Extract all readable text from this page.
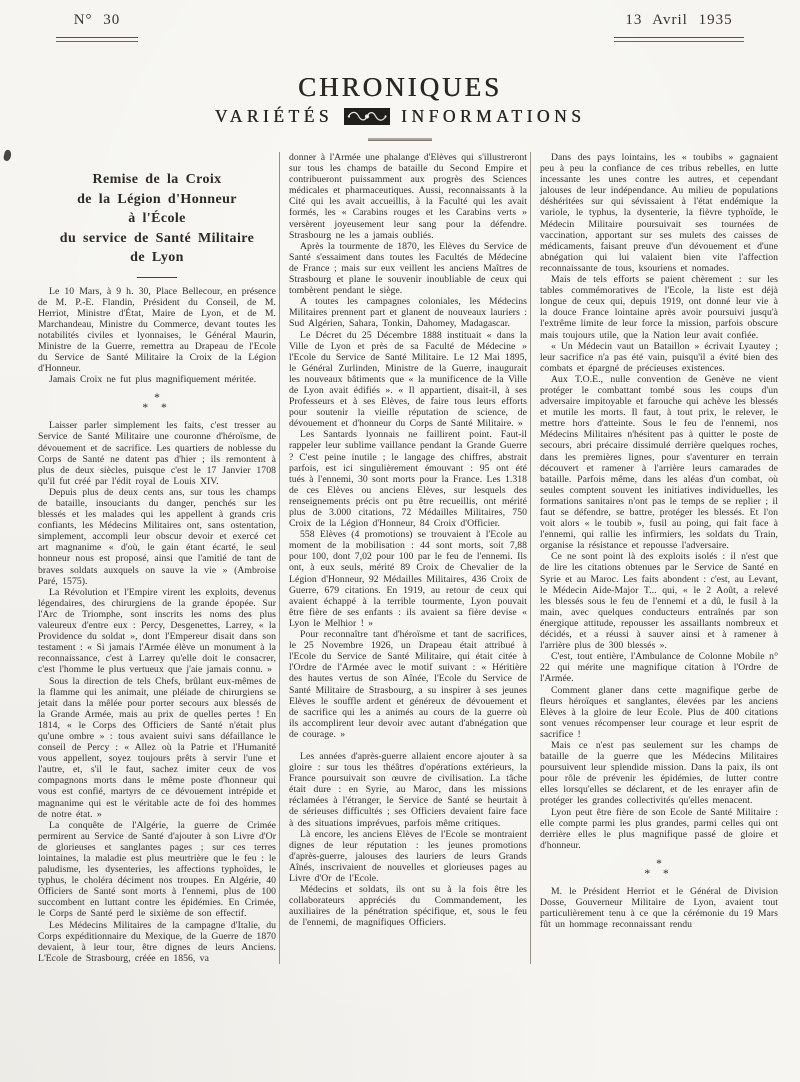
N° 30	13 Avril 1935
CHRONIQUES
VARIÉTÉS	INFORMATIONS
Remise de la Croix
de la Légion d'Honneur
à l'École
du service de Santé Militaire
de Lyon

Le 10 Mars, à 9 h. 30, Place Bellecour, en présence de M. P.-E. Flandin, Président du Conseil, de M. Herriot, Ministre d'État, Maire de Lyon, et de M. Marchandeau, Ministre du Commerce, devant toutes les notabilités civiles et lyonnaises, le Général Maurin, Ministre de la Guerre, remettra au Drapeau de l'Ecole du Service de Santé Militaire la Croix de la Légion d'Honneur.

Jamais Croix ne fut plus magnifiquement méritée.

*
* *

Laisser parler simplement les faits, c'est tresser au Service de Santé Militaire une couronne d'héroïsme, de dévouement et de sacrifice. Les quartiers de noblesse du Corps de Santé ne datent pas d'hier ; ils remontent à plus de deux siècles, puisque c'est le 17 Janvier 1708 qu'il fut créé par l'édit royal de Louis XIV.

Depuis plus de deux cents ans, sur tous les champs de bataille, insouciants du danger, penchés sur les blessés et les malades qui les appellent à grands cris confiants, les Médecins Militaires ont, sans ostentation, simplement, accompli leur obscur devoir et exercé cet art magnanime « d'où, le gain étant écarté, le seul honneur nous est proposé, ainsi que l'amitié de tant de braves soldats auxquels on sauve la vie » (Ambroise Paré, 1575).

La Révolution et l'Empire virent les exploits, devenus légendaires, des chirurgiens de la grande épopée. Sur l'Arc de Triomphe, sont inscrits les noms des plus valeureux d'entre eux : Percy, Desgenettes, Larrey, « la Providence du soldat », dont l'Empereur disait dans son testament : « Si jamais l'Armée élève un monument à la reconnaissance, c'est à Larrey qu'elle doit le consacrer, c'est l'homme le plus vertueux que j'aie jamais connu. »

Sous la direction de tels Chefs, brûlant eux-mêmes de la flamme qui les animait, une pléiade de chirurgiens se jetait dans la mêlée pour porter secours aux blessés de la Grande Armée, mais au prix de quelles pertes ! En 1814, « le Corps des Officiers de Santé n'était plus qu'une ombre » : tous avaient suivi sans défaillance le conseil de Percy : « Allez où la Patrie et l'Humanité vous appellent, soyez toujours prêts à servir l'une et l'autre, et, s'il le faut, sachez imiter ceux de vos compagnons morts dans le même poste d'honneur qui vous est confié, martyrs de ce dévouement intrépide et magnanime qui est le véritable acte de foi des hommes de notre état. »

La conquête de l'Algérie, la guerre de Crimée permirent au Service de Santé d'ajouter à son Livre d'Or de glorieuses et sanglantes pages ; sur ces terres lointaines, la maladie est plus meurtrière que le feu : le paludisme, les dysenteries, les affections typhoïdes, le typhus, le choléra déciment nos troupes. En Algérie, 40 Officiers de Santé sont morts à l'ennemi, plus de 100 succombent en luttant contre les épidémies. En Crimée, le Corps de Santé perd le sixième de son effectif.

Les Médecins Militaires de la campagne d'Italie, du Corps expéditionnaire du Mexique, de la Guerre de 1870 devaient, à leur tour, être dignes de leurs Anciens. L'Ecole de Strasbourg, créée en 1856, va

donner à l'Armée une phalange d'Elèves qui s'illustreront sur tous les champs de bataille du Second Empire et contribueront puissamment aux progrès des Sciences médicales et pharmaceutiques. Aussi, reconnaissants à la Cité qui les avait accueillis, à la Faculté qui les avait formés, les « Carabins rouges et les Carabins verts » versèrent joyeusement leur sang pour la défendre. Strasbourg ne les a jamais oubliés.

Après la tourmente de 1870, les Elèves du Service de Santé s'essaiment dans toutes les Facultés de Médecine de France ; mais sur eux veillent les anciens Maîtres de Strasbourg et plane le souvenir inoubliable de ceux qui tombèrent pendant le siège.

A toutes les campagnes coloniales, les Médecins Militaires prennent part et glanent de nouveaux lauriers : Sud Algérien, Sahara, Tonkin, Dahomey, Madagascar.

Le Décret du 25 Décembre 1888 instituait « dans la Ville de Lyon et près de sa Faculté de Médecine » l'Ecole du Service de Santé Militaire. Le 12 Mai 1895, le Général Zurlinden, Ministre de la Guerre, inaugurait les nouveaux bâtiments que « la munificence de la Ville de Lyon avait édifiés ». « Il appartient, disait-il, à ses Professeurs et à ses Elèves, de faire tous leurs efforts pour soutenir la vieille réputation de science, de dévouement et d'honneur du Corps de Santé Militaire. »

Les Santards lyonnais ne faillirent point. Faut-il rappeler leur sublime vaillance pendant la Grande Guerre ? C'est peine inutile ; le langage des chiffres, abstrait parfois, est ici singulièrement émouvant : 95 ont été tués à l'ennemi, 30 sont morts pour la France. Les 1.318 de ces Elèves ou anciens Elèves, sur lesquels des renseignements précis ont pu être recueillis, ont mérité plus de 3.000 citations, 72 Médailles Militaires, 750 Croix de la Légion d'Honneur, 84 Croix d'Officier.

558 Elèves (4 promotions) se trouvaient à l'Ecole au moment de la mobilisation : 44 sont morts, soit 7,88 pour 100, dont 7,02 pour 100 par le feu de l'ennemi. Ils ont, à eux seuls, mérité 89 Croix de Chevalier de la Légion d'Honneur, 92 Médailles Militaires, 436 Croix de Guerre, 679 citations. En 1919, au retour de ceux qui avaient échappé à la terrible tourmente, Lyon pouvait être fière de ses enfants : ils avaient sa fière devise « Lyon le Melhior ! »

Pour reconnaître tant d'héroïsme et tant de sacrifices, le 25 Novembre 1926, un Drapeau était attribué à l'Ecole du Service de Santé Militaire, qui était citée à l'Ordre de l'Armée avec le motif suivant : « Héritière des hautes vertus de son Aînée, l'Ecole du Service de Santé Militaire de Strasbourg, a su inspirer à ses jeunes Elèves le souffle ardent et généreux de dévouement et de sacrifice qui les a animés au cours de la guerre où ils accomplirent leur devoir avec autant d'abnégation que de courage. »

Les années d'après-guerre allaient encore ajouter à sa gloire : sur tous les théâtres d'opérations extérieurs, la France poursuivait son œuvre de civilisation. La tâche était dure : en Syrie, au Maroc, dans les missions réclamées à l'étranger, le Service de Santé se heurtait à de sérieuses difficultés ; ses Officiers devaient faire face à des situations imprévues, parfois même critiques.

Là encore, les anciens Elèves de l'Ecole se montraient dignes de leur réputation : les jeunes promotions d'après-guerre, jalouses des lauriers de leurs Grands Aînés, inscrivaient de nouvelles et glorieuses pages au Livre d'Or de l'Ecole.

Médecins et soldats, ils ont su à la fois être les collaborateurs appréciés du Commandement, les auxiliaires de la pénétration spécifique, et, sous le feu de l'ennemi, de magnifiques Officiers.

Dans des pays lointains, les « toubibs » gagnaient peu à peu la confiance de ces tribus rebelles, en lutte incessante les unes contre les autres, et cependant jalouses de leur indépendance. Au milieu de populations déshéritées sur qui sévissaient à l'état endémique la variole, le typhus, la dysenterie, la fièvre typhoïde, le Médecin Militaire poursuivait ses tournées de vaccination, apportant sur ses mulets des caisses de médicaments, faisant preuve d'un dévouement et d'une abnégation qui lui valaient bien vite l'affection reconnaissante de tous, ksouriens et nomades.

Mais de tels efforts se paient chèrement : sur les tables commémoratives de l'Ecole, la liste est déjà longue de ceux qui, depuis 1919, ont donné leur vie à la douce France lointaine après avoir poursuivi jusqu'à l'extrême limite de leur force la mission, parfois obscure mais toujours utile, que la Nation leur avait confiée.

« Un Médecin vaut un Bataillon » écrivait Lyautey ; leur sacrifice n'a pas été vain, puisqu'il a évité bien des combats et épargné de précieuses existences.

Aux T.O.E., nulle convention de Genève ne vient protéger le combattant tombé sous les coups d'un adversaire impitoyable et farouche qui achève les blessés et mutile les morts. Il faut, à tout prix, le relever, le mettre hors d'atteinte. Sous le feu de l'ennemi, nos Médecins Militaires n'hésitent pas à quitter le poste de secours, abri précaire dissimulé derrière quelques roches, dans les premières lignes, pour s'aventurer en terrain découvert et ramener à l'arrière leurs camarades de bataille. Parfois même, dans les aléas d'un combat, où seules comptent souvent les initiatives individuelles, les formations sanitaires n'ont pas le temps de se replier ; il faut se défendre, se battre, protéger les blessés. Et l'on voit alors « le toubib », fusil au poing, qui fait face à l'ennemi, qui rallie les infirmiers, les soldats du Train, organise la résistance et repousse l'adversaire.

Ce ne sont point là des exploits isolés : il n'est que de lire les citations obtenues par le Service de Santé en Syrie et au Maroc. Les faits abondent : c'est, au Levant, le Médecin Aide-Major T... qui, « le 2 Août, a relevé les blessés sous le feu de l'ennemi et a dû, le fusil à la main, avec quelques conducteurs entraînés par son énergique attitude, repousser les assaillants nombreux et décidés, et a réussi à sauver ainsi et à ramener à l'arrière plus de 300 blessés ».

C'est, tout entière, l'Ambulance de Colonne Mobile n° 22 qui mérite une magnifique citation à l'Ordre de l'Armée.

Comment glaner dans cette magnifique gerbe de fleurs héroïques et sanglantes, élevées par les anciens Elèves à la gloire de leur Ecole. Plus de 400 citations sont venues récompenser leur courage et leur esprit de sacrifice !

Mais ce n'est pas seulement sur les champs de bataille de la guerre que les Médecins Militaires poursuivent leur splendide mission. Dans la paix, ils ont pour rôle de prévenir les épidémies, de lutter contre elles lorsqu'elles se déclarent, et de les enrayer afin de protéger les grandes collectivités qu'elles menacent.

Lyon peut être fière de son Ecole de Santé Militaire : elle compte parmi les plus grandes, parmi celles qui ont derrière elles le plus magnifique passé de gloire et d'honneur.

*
* *

M. le Président Herriot et le Général de Division Dosse, Gouverneur Militaire de Lyon, avaient tout particulièrement tenu à ce que la cérémonie du 19 Mars fût un hommage reconnaissant rendu
